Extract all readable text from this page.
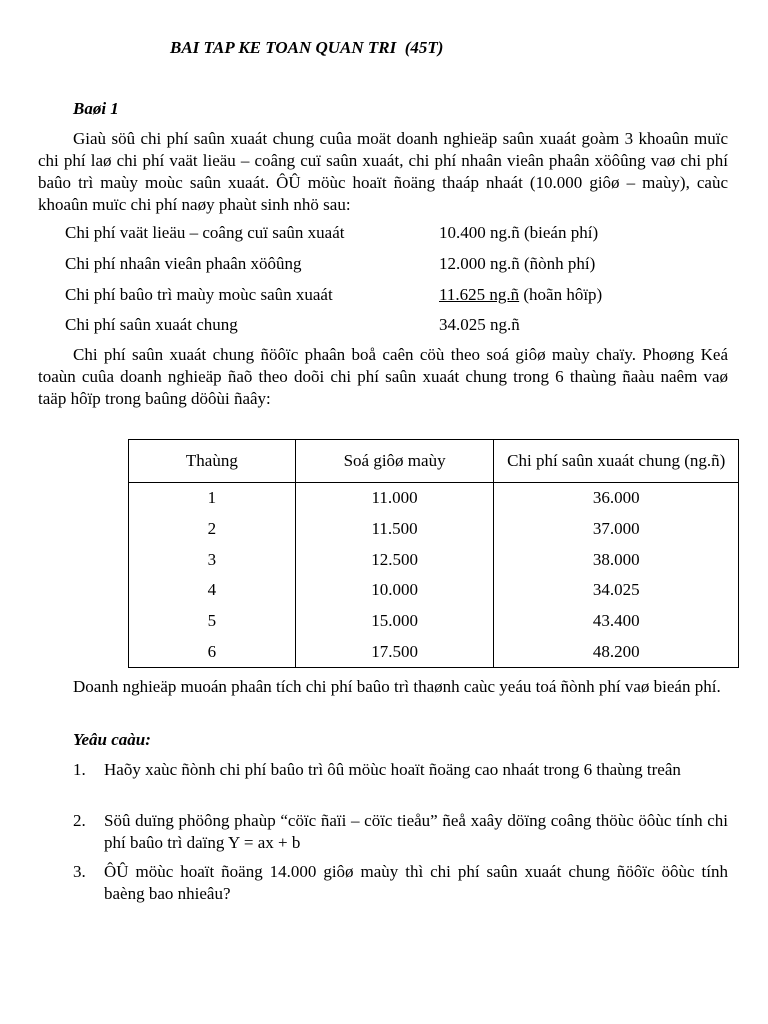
BAI TAP KE TOAN QUAN TRI  (45T)
Baøi 1
Giaù söû chi phí saûn xuaát chung cuûa moät doanh nghieäp saûn xuaát goàm 3 khoaûn muïc chi phí laø chi phí vaät lieäu – coâng cuï saûn xuaát, chi phí nhaân vieân phaân xöôûng vaø chi phí baûo trì maùy moùc saûn xuaát. ÔÛ möùc hoaït ñoäng thaáp nhaát (10.000 giôø – maùy), caùc khoaûn muïc chi phí naøy phaùt sinh nhö sau:
Chi phí vaät lieäu – coâng cuï saûn xuaát	10.400 ng.ñ (bieán phí)
Chi phí nhaân vieân phaân xöôûng	12.000 ng.ñ (ñònh phí)
Chi phí baûo trì maùy moùc saûn xuaát	11.625 ng.ñ (hoãn hôïp)
Chi phí saûn xuaát chung	34.025 ng.ñ
Chi phí saûn xuaát chung ñöôïc phaân boå caên cöù theo soá giôø maùy chaïy. Phoøng Keá toaùn cuûa doanh nghieäp ñaõ theo doõi chi phí saûn xuaát chung trong 6 thaùng ñaàu naêm vaø taäp hôïp trong baûng döôùi ñaây:
Thaùng	Soá giôø maùy	Chi phí saûn xuaát chung (ng.ñ)
1	11.000	36.000
2	11.500	37.000
3	12.500	38.000
4	10.000	34.025
5	15.000	43.400
6	17.500	48.200
Doanh nghieäp muoán phaân tích chi phí baûo trì thaønh caùc yeáu toá ñònh phí vaø bieán phí.
Yeâu caàu:
1. Haõy xaùc ñònh chi phí baûo trì ôû möùc hoaït ñoäng cao nhaát trong 6 thaùng treân
2. Söû duïng phöông phaùp “cöïc ñaïi – cöïc tieåu” ñeå xaây döïng coâng thöùc öôùc tính chi phí baûo trì daïng Y = ax + b
3. ÔÛ möùc hoaït ñoäng 14.000 giôø maùy thì chi phí saûn xuaát chung ñöôïc öôùc tính baèng bao nhieâu?
